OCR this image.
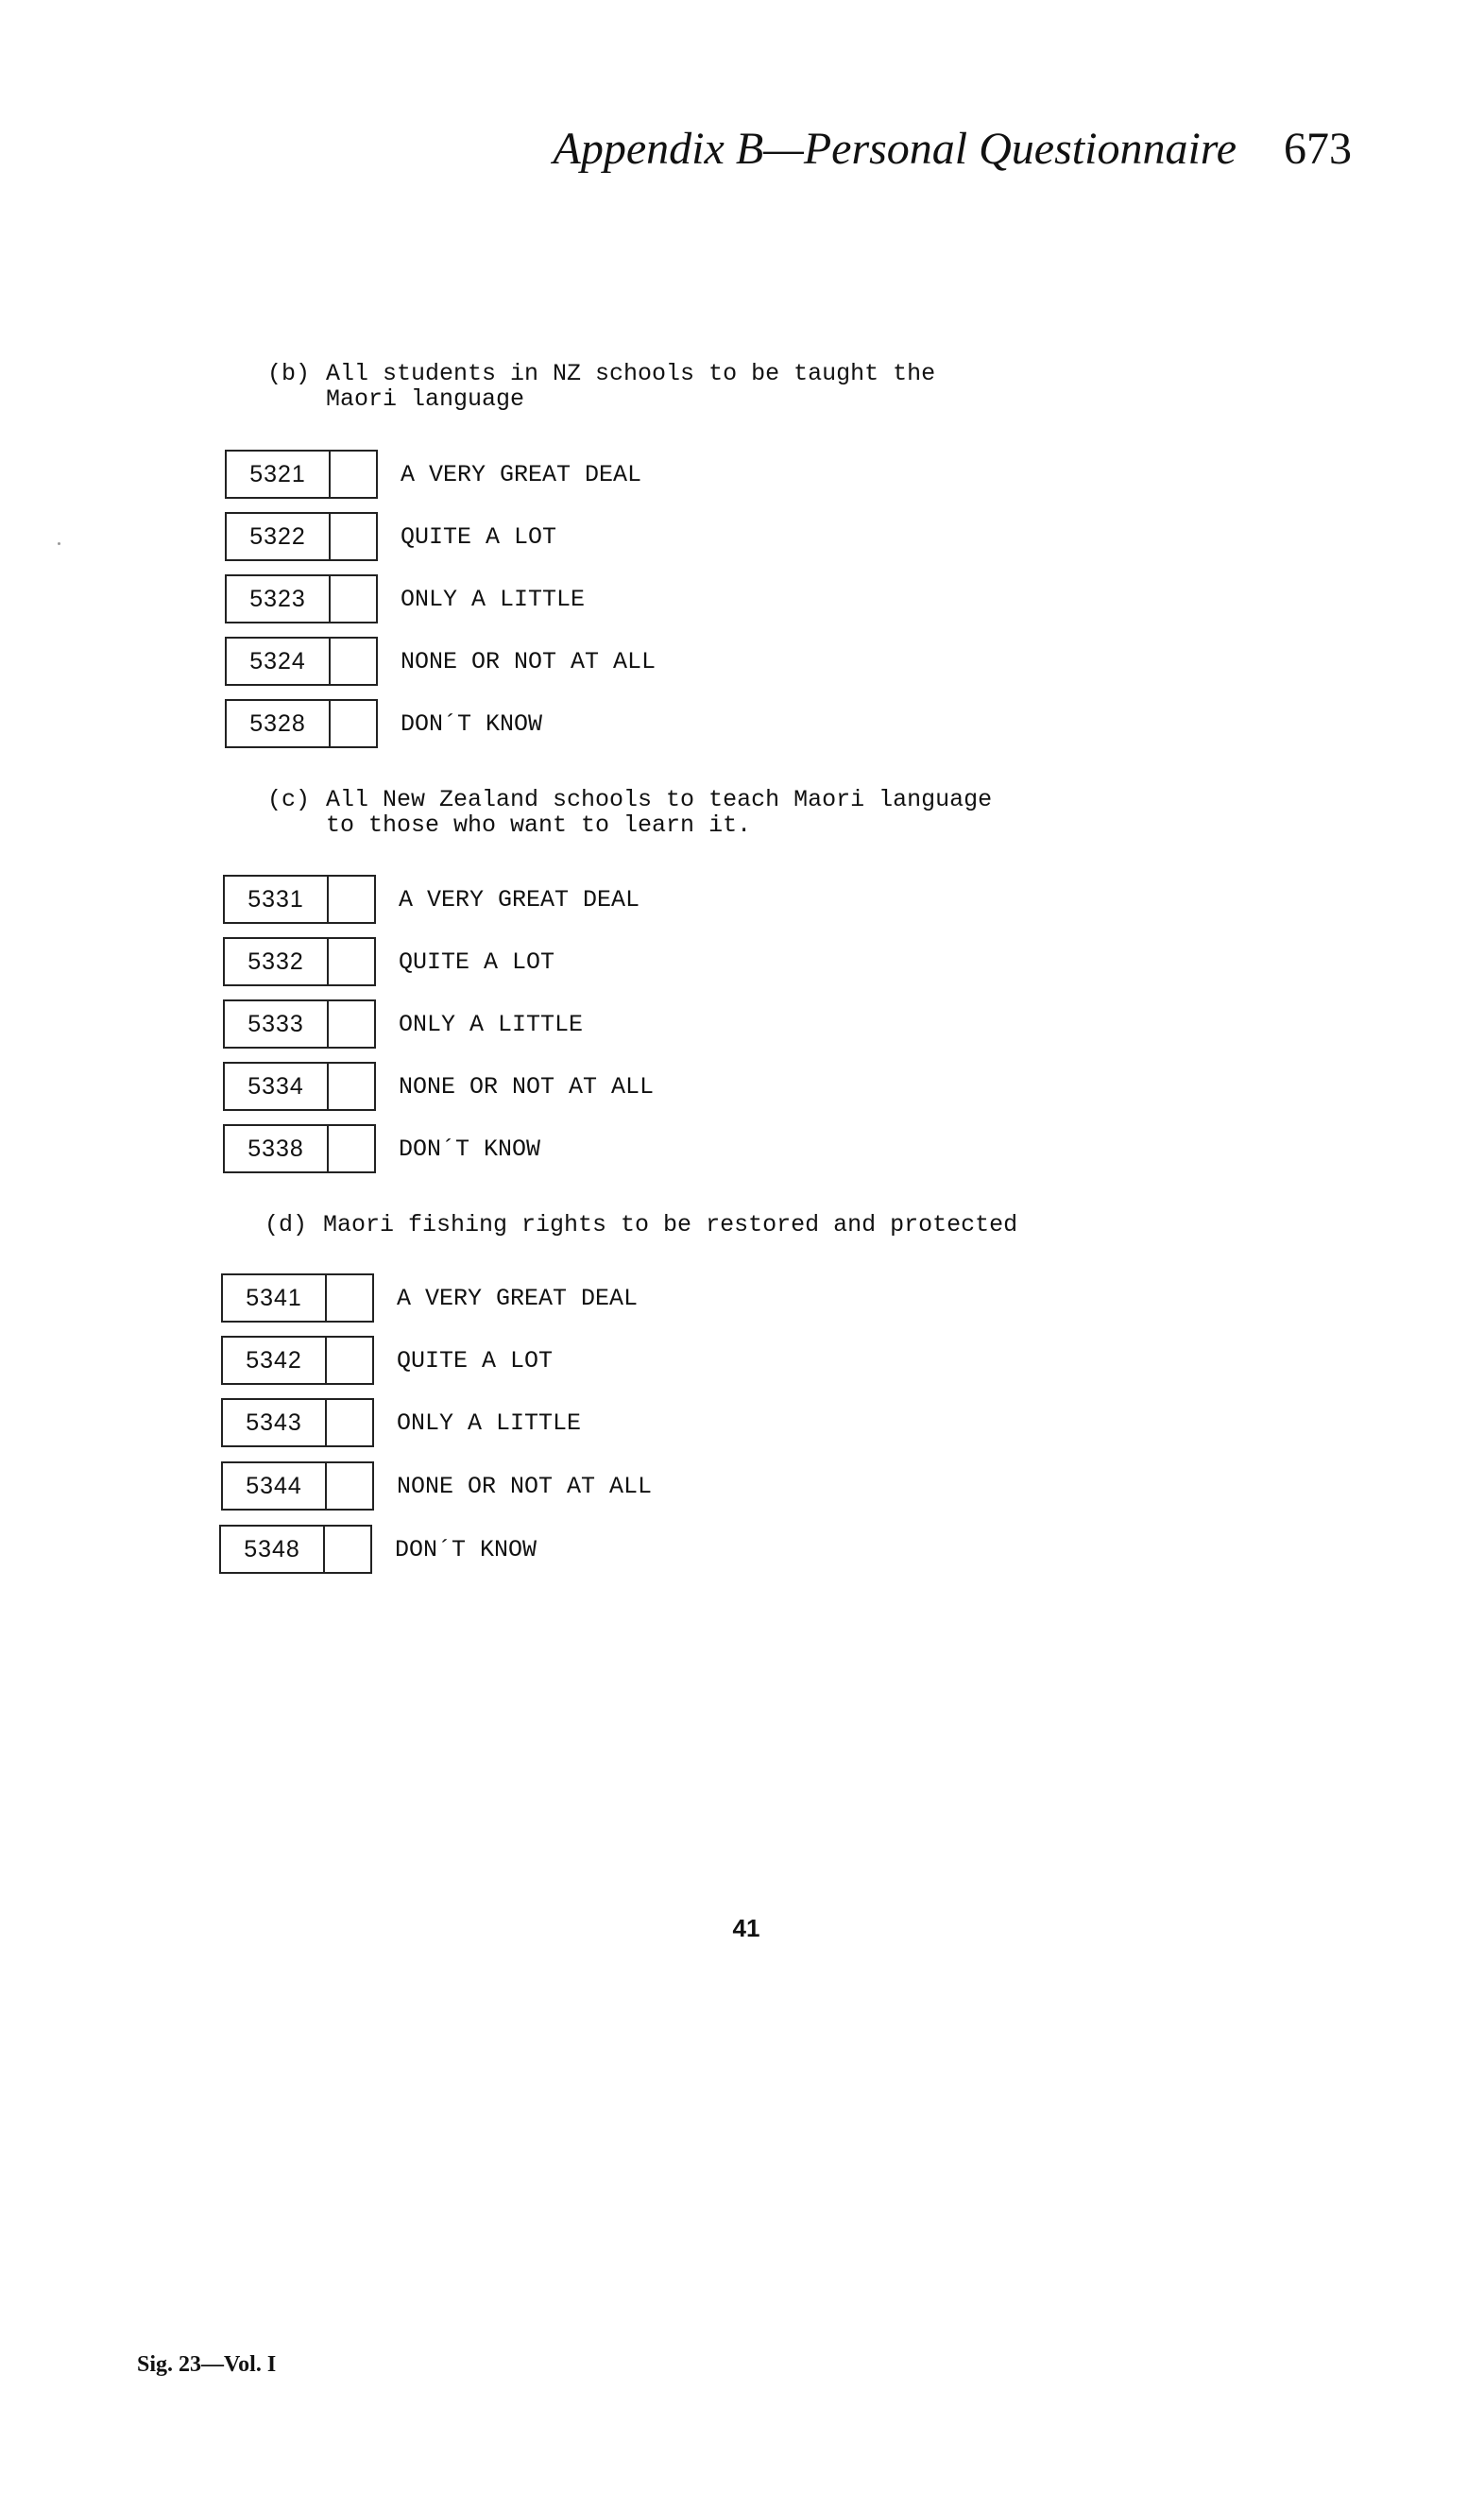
Appendix B—Personal Questionnaire 673
(b) All students in NZ schools to be taught the
Maori language
5321	A VERY GREAT DEAL
5322	QUITE A LOT
5323	ONLY A LITTLE
5324	NONE OR NOT AT ALL
5328	DON´T KNOW
(c) All New Zealand schools to teach Maori language
to those who want to learn it.
5331	A VERY GREAT DEAL
5332	QUITE A LOT
5333	ONLY A LITTLE
5334	NONE OR NOT AT ALL
5338	DON´T KNOW
(d) Maori fishing rights to be restored and protected
5341	A VERY GREAT DEAL
5342	QUITE A LOT
5343	ONLY A LITTLE
5344	NONE OR NOT AT ALL
5348	DON´T KNOW
41
Sig. 23—Vol. I
